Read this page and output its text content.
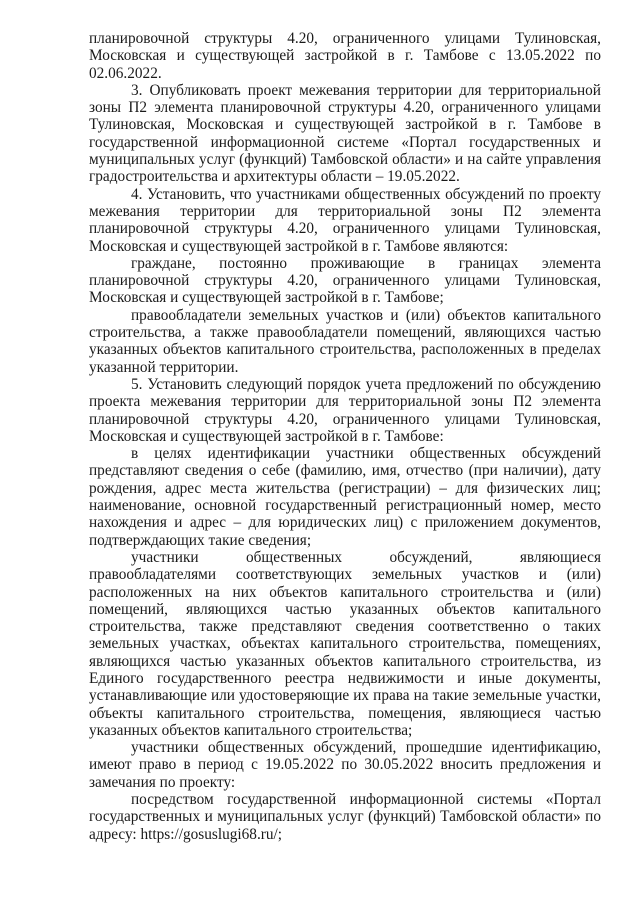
планировочной структуры 4.20, ограниченного улицами Тулиновская, Московская и существующей застройкой в г. Тамбове с 13.05.2022 по 02.06.2022.

3. Опубликовать проект межевания территории для территориальной зоны П2 элемента планировочной структуры 4.20, ограниченного улицами Тулиновская, Московская и существующей застройкой в г. Тамбове в государственной информационной системе «Портал государственных и муниципальных услуг (функций) Тамбовской области» и на сайте управления градостроительства и архитектуры области – 19.05.2022.

4. Установить, что участниками общественных обсуждений по проекту межевания территории для территориальной зоны П2 элемента планировочной структуры 4.20, ограниченного улицами Тулиновская, Московская и существующей застройкой в г. Тамбове являются:

граждане, постоянно проживающие в границах элемента планировочной структуры 4.20, ограниченного улицами Тулиновская, Московская и существующей застройкой в г. Тамбове;

правообладатели земельных участков и (или) объектов капитального строительства, а также правообладатели помещений, являющихся частью указанных объектов капитального строительства, расположенных в пределах указанной территории.

5. Установить следующий порядок учета предложений по обсуждению проекта межевания территории для территориальной зоны П2 элемента планировочной структуры 4.20, ограниченного улицами Тулиновская, Московская и существующей застройкой в г. Тамбове:

в целях идентификации участники общественных обсуждений представляют сведения о себе (фамилию, имя, отчество (при наличии), дату рождения, адрес места жительства (регистрации) – для физических лиц; наименование, основной государственный регистрационный номер, место нахождения и адрес – для юридических лиц) с приложением документов, подтверждающих такие сведения;

участники общественных обсуждений, являющиеся правообладателями соответствующих земельных участков и (или) расположенных на них объектов капитального строительства и (или) помещений, являющихся частью указанных объектов капитального строительства, также представляют сведения соответственно о таких земельных участках, объектах капитального строительства, помещениях, являющихся частью указанных объектов капитального строительства, из Единого государственного реестра недвижимости и иные документы, устанавливающие или удостоверяющие их права на такие земельные участки, объекты капитального строительства, помещения, являющиеся частью указанных объектов капитального строительства;

участники общественных обсуждений, прошедшие идентификацию, имеют право в период с 19.05.2022 по 30.05.2022 вносить предложения и замечания по проекту:

посредством государственной информационной системы «Портал государственных и муниципальных услуг (функций) Тамбовской области» по адресу: https://gosuslugi68.ru/;
